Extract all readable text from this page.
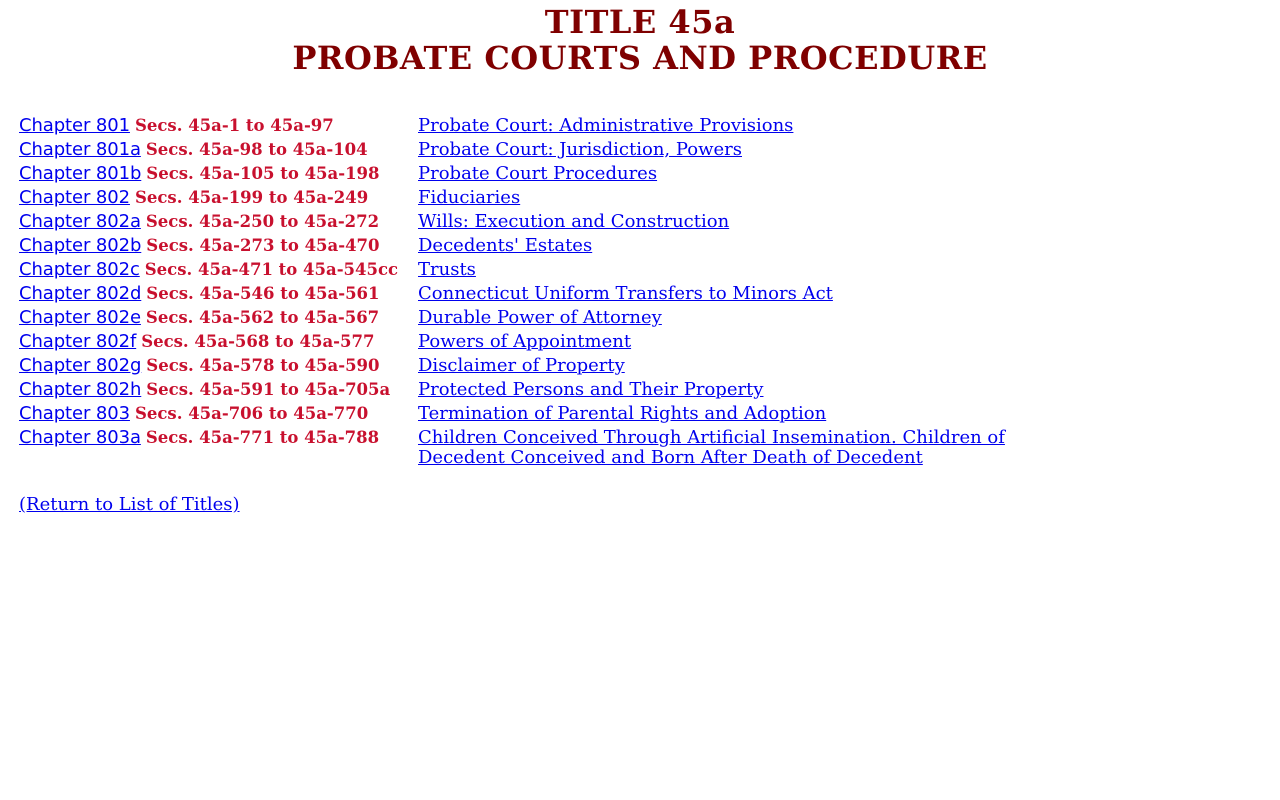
TITLE 45a
PROBATE COURTS AND PROCEDURE
Chapter 801 Secs. 45a-1 to 45a-97	Probate Court: Administrative Provisions
Chapter 801a Secs. 45a-98 to 45a-104	Probate Court: Jurisdiction, Powers
Chapter 801b Secs. 45a-105 to 45a-198	Probate Court Procedures
Chapter 802 Secs. 45a-199 to 45a-249	Fiduciaries
Chapter 802a Secs. 45a-250 to 45a-272	Wills: Execution and Construction
Chapter 802b Secs. 45a-273 to 45a-470	Decedents' Estates
Chapter 802c Secs. 45a-471 to 45a-545cc	Trusts
Chapter 802d Secs. 45a-546 to 45a-561	Connecticut Uniform Transfers to Minors Act
Chapter 802e Secs. 45a-562 to 45a-567	Durable Power of Attorney
Chapter 802f Secs. 45a-568 to 45a-577	Powers of Appointment
Chapter 802g Secs. 45a-578 to 45a-590	Disclaimer of Property
Chapter 802h Secs. 45a-591 to 45a-705a	Protected Persons and Their Property
Chapter 803 Secs. 45a-706 to 45a-770	Termination of Parental Rights and Adoption
Chapter 803a Secs. 45a-771 to 45a-788	Children Conceived Through Artificial Insemination. Children of Decedent Conceived and Born After Death of Decedent
(Return to List of Titles)
